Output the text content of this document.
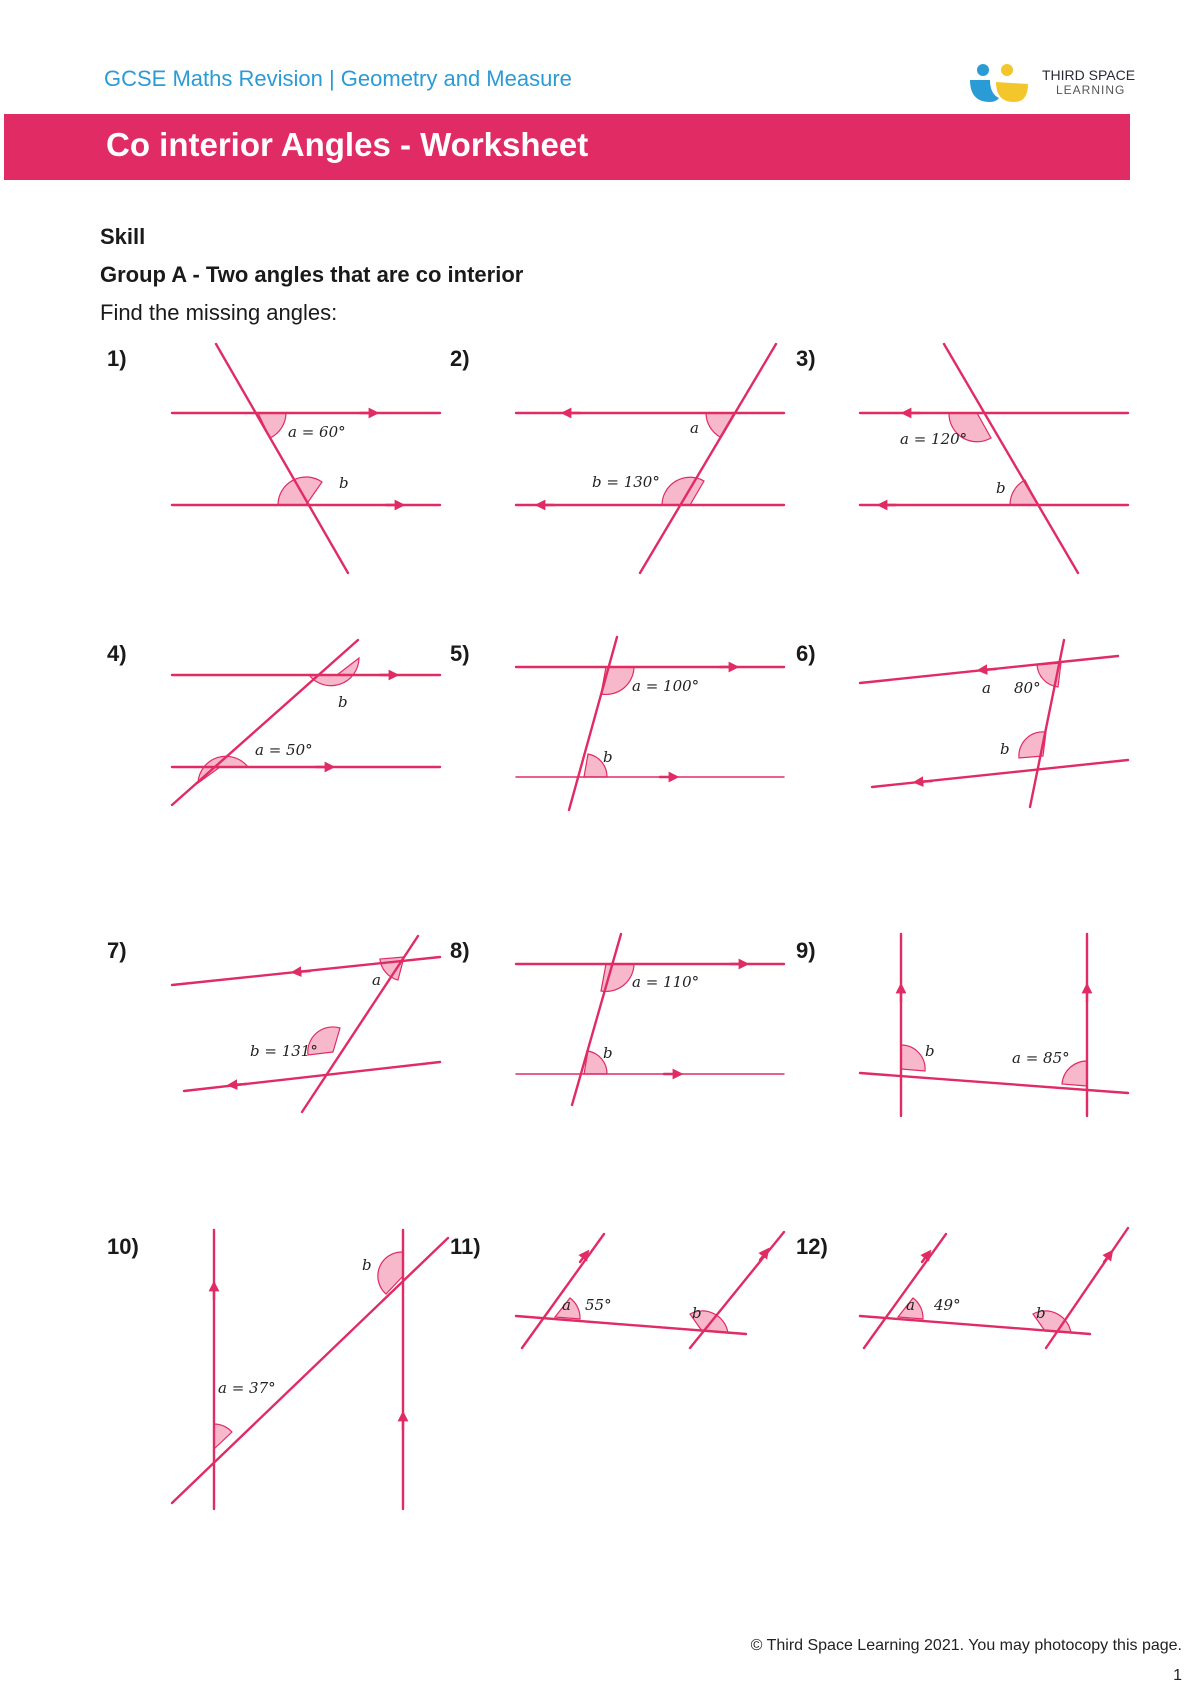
GCSE Maths Revision | Geometry and Measure	THIRD SPACE
LEARNING
Co interior Angles - Worksheet
Skill
Group A - Two angles that are co interior
Find the missing angles:
1)	2)	3)
4)	5)	6)
7)	8)	9)
10)	11)	12)
a = 60°
b
a
b = 130°
a = 120°
b
b
a = 50°
a = 100°
b
a 80°
b
a
b = 131°
a = 110°
b	b	a = 85°
b
a = 37°
a 55°	b	a 49°	b
© Third Space Learning 2021. You may photocopy this page.
1
